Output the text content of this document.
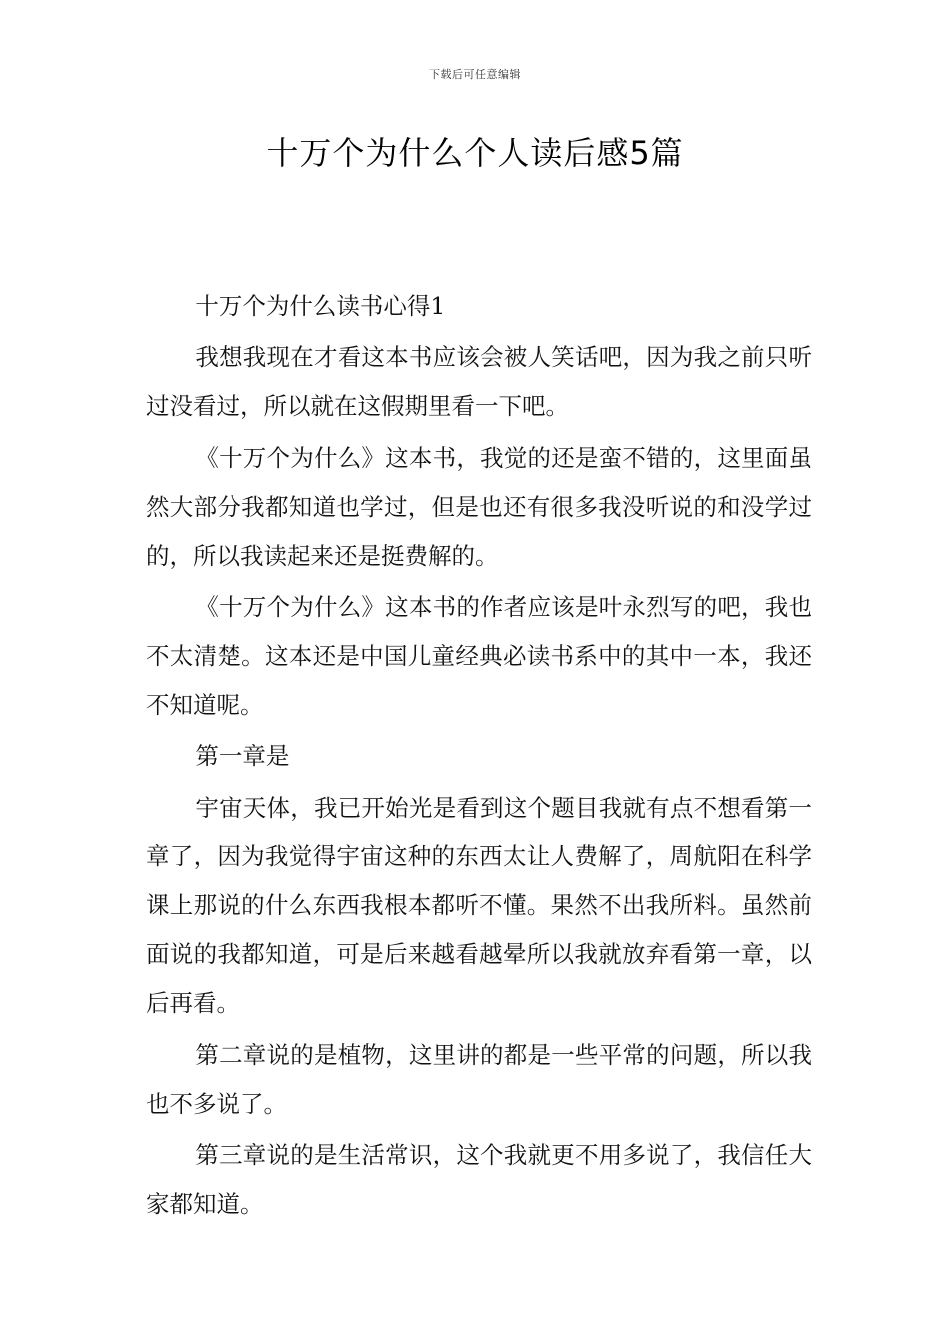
下载后可任意编辑
十万个为什么个人读后感5篇

十万个为什么读书心得1

我想我现在才看这本书应该会被人笑话吧，因为我之前只听过没看过，所以就在这假期里看一下吧。

《十万个为什么》这本书，我觉的还是蛮不错的，这里面虽然大部分我都知道也学过，但是也还有很多我没听说的和没学过的，所以我读起来还是挺费解的。

《十万个为什么》这本书的作者应该是叶永烈写的吧，我也不太清楚。这本还是中国儿童经典必读书系中的其中一本，我还不知道呢。

第一章是

宇宙天体，我已开始光是看到这个题目我就有点不想看第一章了，因为我觉得宇宙这种的东西太让人费解了，周航阳在科学课上那说的什么东西我根本都听不懂。果然不出我所料。虽然前面说的我都知道，可是后来越看越晕所以我就放弃看第一章，以后再看。

第二章说的是植物，这里讲的都是一些平常的问题，所以我也不多说了。

第三章说的是生活常识，这个我就更不用多说了，我信任大家都知道。
